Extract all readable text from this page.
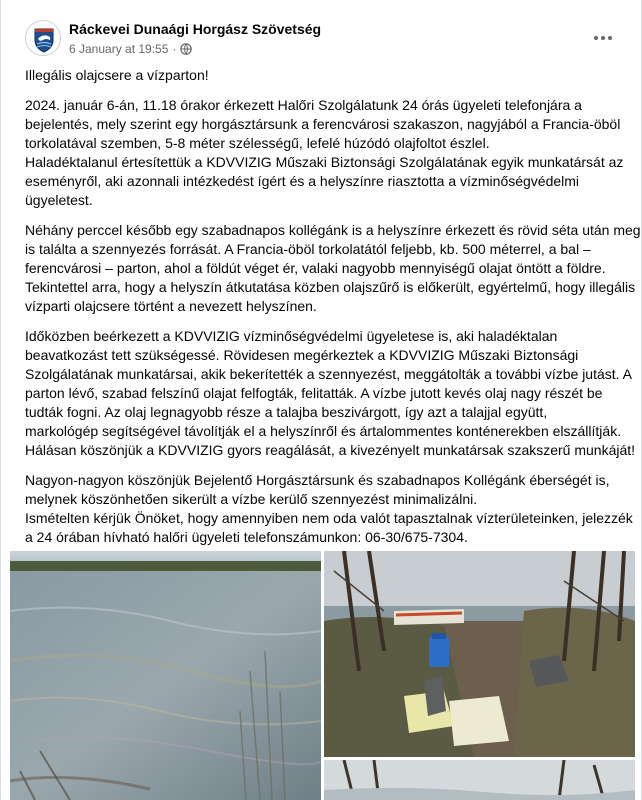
Ráckevei Dunaági Horgász Szövetség
6 January at 19:55 ·

Illegális olajcsere a vízparton!

2024. január 6-án, 11.18 órakor érkezett Halőri Szolgálatunk 24 órás ügyeleti telefonjára a
bejelentés, mely szerint egy horgásztársunk a ferencvárosi szakaszon, nagyjából a Francia-öböl
torkolatával szemben, 5-8 méter szélességű, lefelé húzódó olajfoltot észlel.
Haladéktalanul értesítettük a KDVVIZIG Műszaki Biztonsági Szolgálatának egyik munkatársát az
eseményről, aki azonnali intézkedést ígért és a helyszínre riasztotta a vízminőségvédelmi
ügyeletest.

Néhány perccel később egy szabadnapos kollégánk is a helyszínre érkezett és rövid séta után meg
is találta a szennyezés forrását. A Francia-öböl torkolatától feljebb, kb. 500 méterrel, a bal –
ferencvárosi – parton, ahol a földút véget ér, valaki nagyobb mennyiségű olajat öntött a földre.
Tekintettel arra, hogy a helyszín átkutatása közben olajszűrő is előkerült, egyértelmű, hogy illegális
vízparti olajcsere történt a nevezett helyszínen.

Időközben beérkezett a KDVVIZIG vízminőségvédelmi ügyeletese is, aki haladéktalan
beavatkozást tett szükségessé. Rövidesen megérkeztek a KDVVIZIG Műszaki Biztonsági
Szolgálatának munkatársai, akik bekerítették a szennyezést, meggátolták a további vízbe jutást. A
parton lévő, szabad felszínű olajat felfogták, felitatták. A vízbe jutott kevés olaj nagy részét be
tudták fogni. Az olaj legnagyobb része a talajba beszivárgott, így azt a talajjal együtt,
markológép segítségével távolítják el a helyszínről és ártalommentes konténerekben elszállítják.
Hálásan köszönjük a KDVVIZIG gyors reagálását, a kivezényelt munkatársak szakszerű munkáját!

Nagyon-nagyon köszönjük Bejelentő Horgásztársunk és szabadnapos Kollégánk éberségét is,
melynek köszönhetően sikerült a vízbe kerülő szennyezést minimalizálni.
Ismételten kérjük Önöket, hogy amennyiben nem oda valót tapasztalnak vízterületeinken, jelezzék
a 24 órában hívható halőri ügyeleti telefonszámunkon: 06-30/675-7304.
